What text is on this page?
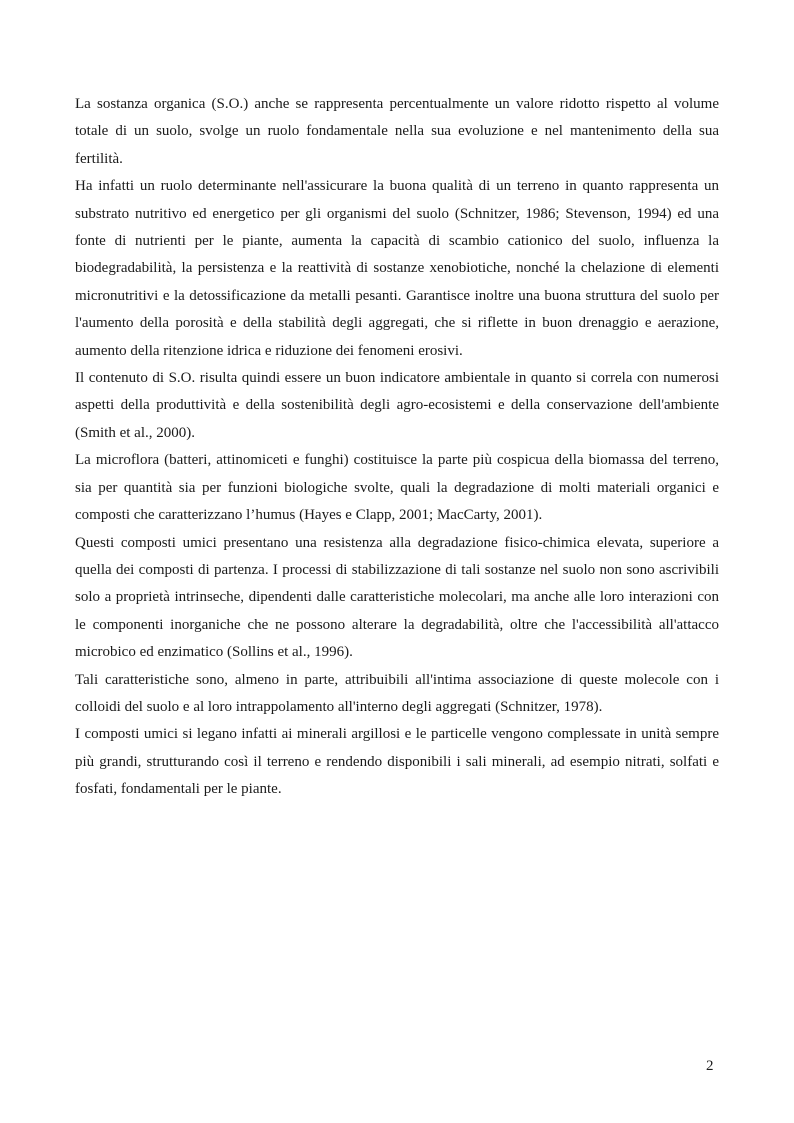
La sostanza organica (S.O.) anche se rappresenta percentualmente un valore ridotto rispetto al volume totale di un suolo, svolge un ruolo fondamentale nella sua evoluzione e nel mantenimento della sua fertilità.

Ha infatti un ruolo determinante nell'assicurare la buona qualità di un terreno in quanto rappresenta un substrato nutritivo ed energetico per gli organismi del suolo (Schnitzer, 1986; Stevenson, 1994) ed una fonte di nutrienti per le piante, aumenta la capacità di scambio cationico del suolo, influenza la biodegradabilità, la persistenza e la reattività di sostanze xenobiotiche, nonché la chelazione di elementi micronutritivi e la detossificazione da metalli pesanti. Garantisce inoltre una buona struttura del suolo per l'aumento della porosità e della stabilità degli aggregati, che si riflette in buon drenaggio e aerazione, aumento della ritenzione idrica e riduzione dei fenomeni erosivi.

Il contenuto di S.O. risulta quindi essere un buon indicatore ambientale in quanto si correla con numerosi aspetti della produttività e della sostenibilità degli agro-ecosistemi e della conservazione dell'ambiente (Smith et al., 2000).

La microflora (batteri, attinomiceti e funghi) costituisce la parte più cospicua della biomassa del terreno, sia per quantità sia per funzioni biologiche svolte, quali la degradazione di molti materiali organici e composti che caratterizzano l’humus (Hayes e Clapp, 2001; MacCarty, 2001).

Questi composti umici presentano una resistenza alla degradazione fisico-chimica elevata, superiore a quella dei composti di partenza. I processi di stabilizzazione di tali sostanze nel suolo non sono ascrivibili solo a proprietà intrinseche, dipendenti dalle caratteristiche molecolari, ma anche alle loro interazioni con le componenti inorganiche che ne possono alterare la degradabilità, oltre che l'accessibilità all'attacco microbico ed enzimatico (Sollins et al., 1996).

Tali caratteristiche sono, almeno in parte, attribuibili all'intima associazione di queste molecole con i colloidi del suolo e al loro intrappolamento all'interno degli aggregati (Schnitzer, 1978).

I composti umici si legano infatti ai minerali argillosi e le particelle vengono complessate in unità sempre più grandi, strutturando così il terreno e rendendo disponibili i sali minerali, ad esempio nitrati, solfati e fosfati, fondamentali per le piante.

2
